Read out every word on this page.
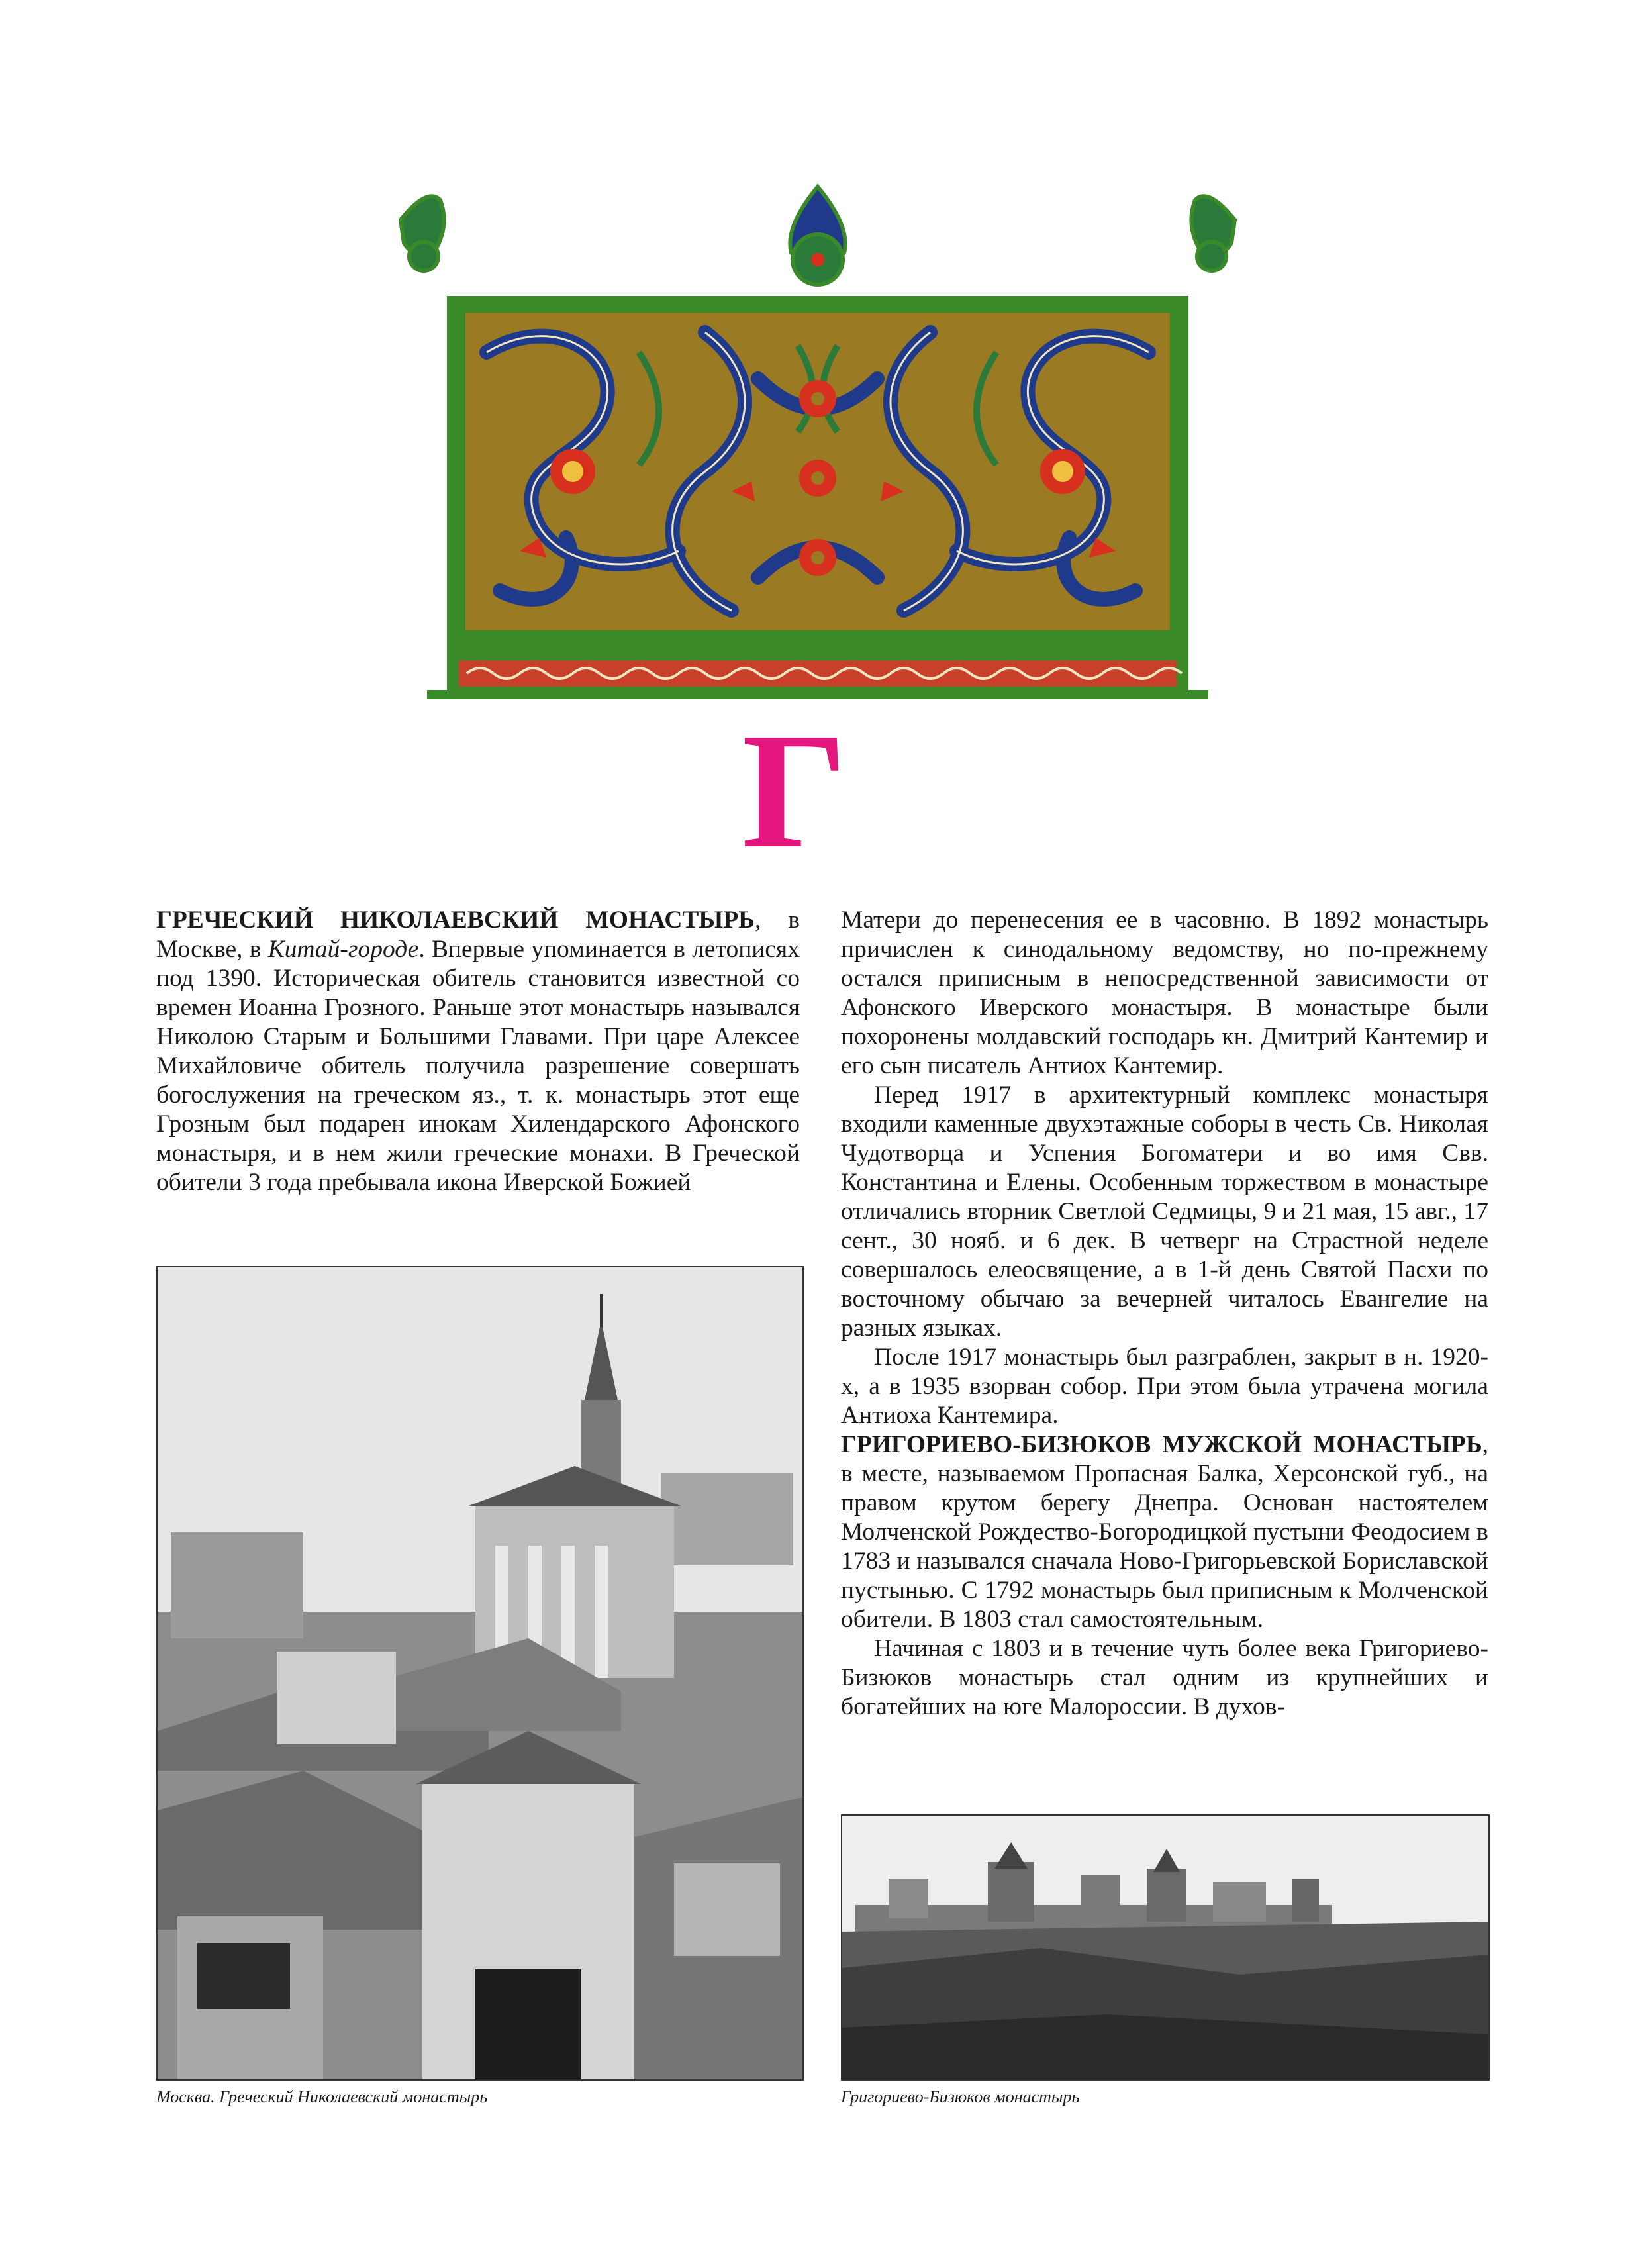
Г

ГРЕЧЕСКИЙ НИКОЛАЕВСКИЙ МОНАСТЫРЬ, в Москве, в Китай-городе. Впервые упоминается в летописях под 1390. Историческая обитель становится известной со времен Иоанна Грозного. Раньше этот монастырь назывался Николою Старым и Большими Главами. При царе Алексее Михайловиче обитель получила разрешение совершать богослужения на греческом яз., т. к. монастырь этот еще Грозным был подарен инокам Хилендарского Афонского монастыря, и в нем жили греческие монахи. В Греческой обители 3 года пребывала икона Иверской Божией

Москва. Греческий Николаевский монастырь

Матери до перенесения ее в часовню. В 1892 монастырь причислен к синодальному ведомству, но по-прежнему остался приписным в непосредственной зависимости от Афонского Иверского монастыря. В монастыре были похоронены молдавский господарь кн. Дмитрий Кантемир и его сын писатель Антиох Кантемир.

Перед 1917 в архитектурный комплекс монастыря входили каменные двухэтажные соборы в честь Св. Николая Чудотворца и Успения Богоматери и во имя Свв. Константина и Елены. Особенным торжеством в монастыре отличались вторник Светлой Седмицы, 9 и 21 мая, 15 авг., 17 сент., 30 нояб. и 6 дек. В четверг на Страстной неделе совершалось елеосвящение, а в 1-й день Святой Пасхи по восточному обычаю за вечерней читалось Евангелие на разных языках.

После 1917 монастырь был разграблен, закрыт в н. 1920-х, а в 1935 взорван собор. При этом была утрачена могила Антиоха Кантемира.

ГРИГОРИЕВО-БИЗЮКОВ МУЖСКОЙ МОНАСТЫРЬ, в месте, называемом Пропасная Балка, Херсонской губ., на правом крутом берегу Днепра. Основан настоятелем Молченской Рождество-Богородицкой пустыни Феодосием в 1783 и назывался сначала Ново-Григорьевской Бориславской пустынью. С 1792 монастырь был приписным к Молченской обители. В 1803 стал самостоятельным.

Начиная с 1803 и в течение чуть более века Григориево-Бизюков монастырь стал одним из крупнейших и богатейших на юге Малороссии. В духов-

Григориево-Бизюков монастырь
